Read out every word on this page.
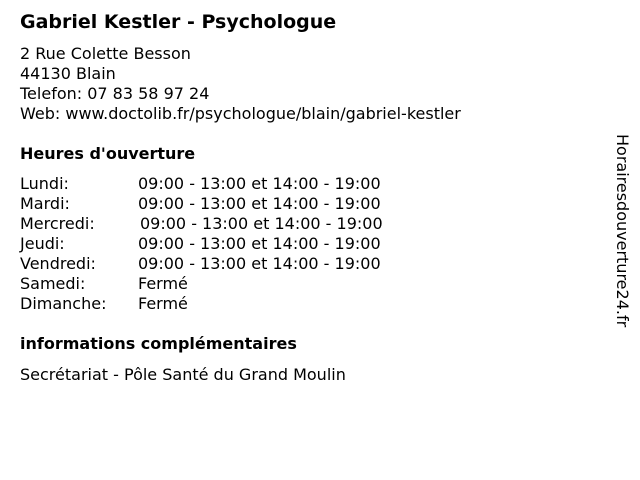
Gabriel Kestler - Psychologue
2 Rue Colette Besson
44130 Blain
Telefon: 07 83 58 97 24
Web: www.doctolib.fr/psychologue/blain/gabriel-kestler
Heures d'ouverture
Lundi:	09:00 - 13:00 et 14:00 - 19:00
Mardi:	09:00 - 13:00 et 14:00 - 19:00
Mercredi:	09:00 - 13:00 et 14:00 - 19:00
Jeudi:	09:00 - 13:00 et 14:00 - 19:00
Vendredi:	09:00 - 13:00 et 14:00 - 19:00
Samedi:	Fermé
Dimanche: Fermé
informations complémentaires
Secrétariat - Pôle Santé du Grand Moulin
Horairesdouverture24.fr
